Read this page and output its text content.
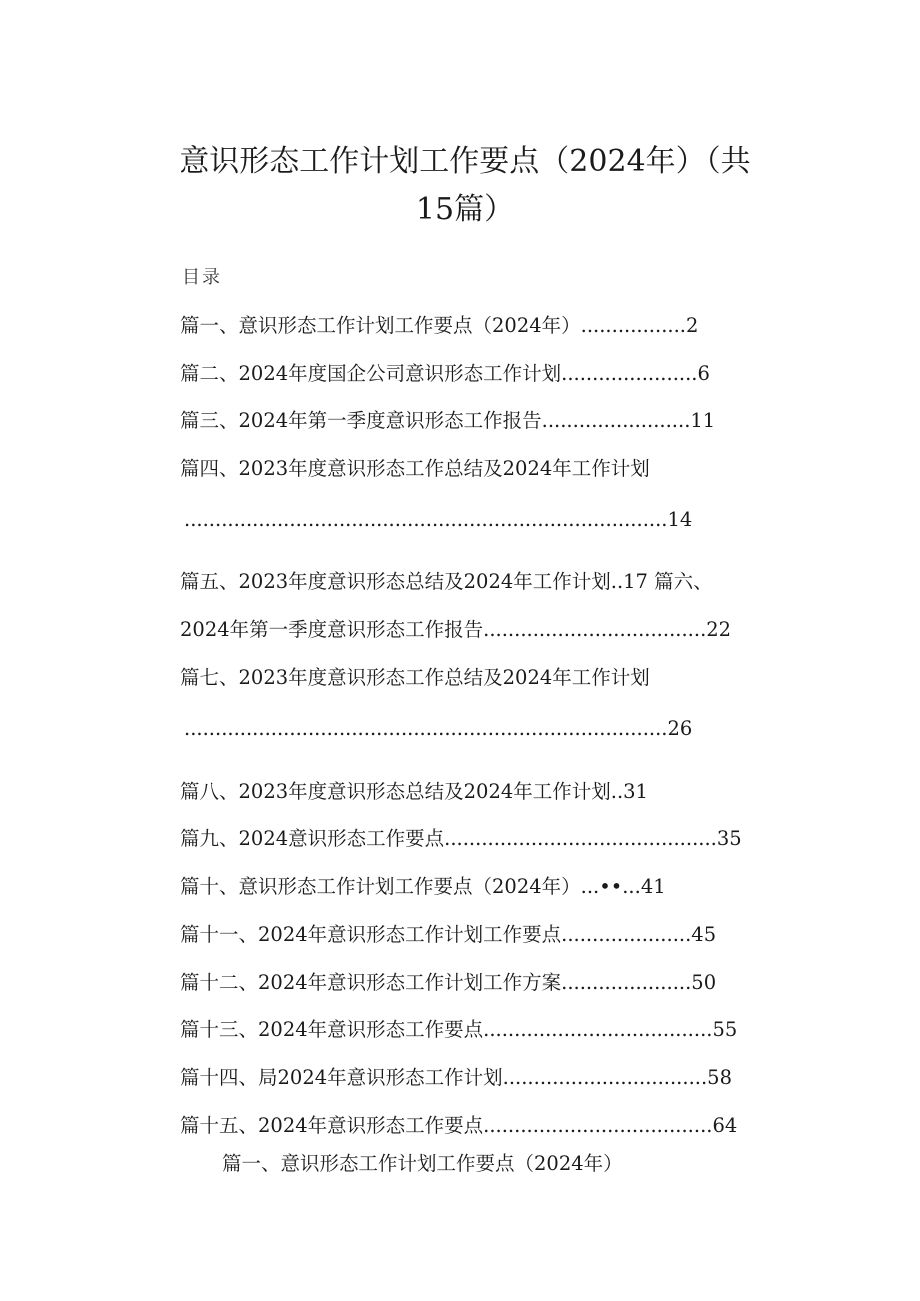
意识形态工作计划工作要点（2024年）（共
15篇）
目录
篇一、意识形态工作计划工作要点（2024年）.................2
篇二、2024年度国企公司意识形态工作计划......................6
篇三、2024年第一季度意识形态工作报告........................11
篇四、2023年度意识形态工作总结及2024年工作计划
..............................................................................14
篇五、2023年度意识形态总结及2024年工作计划..17 篇六、
2024年第一季度意识形态工作报告....................................22
篇七、2023年度意识形态工作总结及2024年工作计划
..............................................................................26
篇八、2023年度意识形态总结及2024年工作计划..31
篇九、2024意识形态工作要点............................................35
篇十、意识形态工作计划工作要点（2024年）...••...41
篇十一、2024年意识形态工作计划工作要点.....................45
篇十二、2024年意识形态工作计划工作方案.....................50
篇十三、2024年意识形态工作要点.....................................55
篇十四、局2024年意识形态工作计划.................................58
篇十五、2024年意识形态工作要点.....................................64
篇一、意识形态工作计划工作要点（2024年）
